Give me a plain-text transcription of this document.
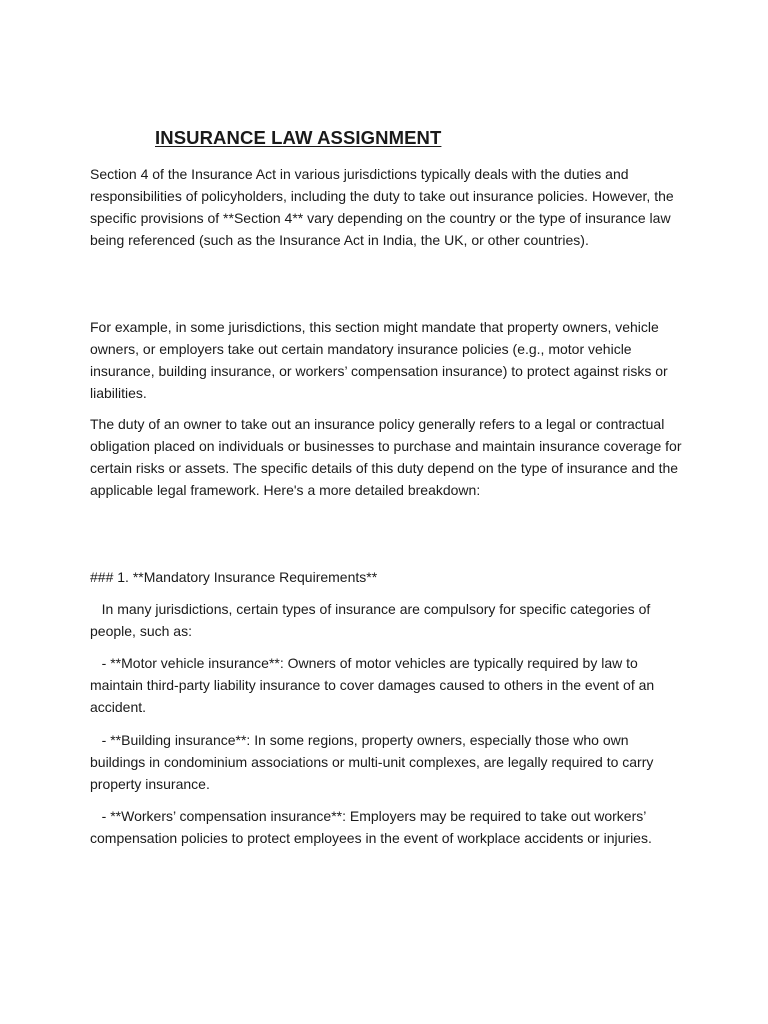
INSURANCE LAW ASSIGNMENT

Section 4 of the Insurance Act in various jurisdictions typically deals with the duties and responsibilities of policyholders, including the duty to take out insurance policies. However, the specific provisions of **Section 4** vary depending on the country or the type of insurance law being referenced (such as the Insurance Act in India, the UK, or other countries).

For example, in some jurisdictions, this section might mandate that property owners, vehicle owners, or employers take out certain mandatory insurance policies (e.g., motor vehicle insurance, building insurance, or workers’ compensation insurance) to protect against risks or liabilities.

The duty of an owner to take out an insurance policy generally refers to a legal or contractual obligation placed on individuals or businesses to purchase and maintain insurance coverage for certain risks or assets. The specific details of this duty depend on the type of insurance and the applicable legal framework. Here's a more detailed breakdown:

### 1. **Mandatory Insurance Requirements**

In many jurisdictions, certain types of insurance are compulsory for specific categories of people, such as:

- **Motor vehicle insurance**: Owners of motor vehicles are typically required by law to maintain third-party liability insurance to cover damages caused to others in the event of an accident.

- **Building insurance**: In some regions, property owners, especially those who own buildings in condominium associations or multi-unit complexes, are legally required to carry property insurance.

- **Workers’ compensation insurance**: Employers may be required to take out workers’ compensation policies to protect employees in the event of workplace accidents or injuries.
